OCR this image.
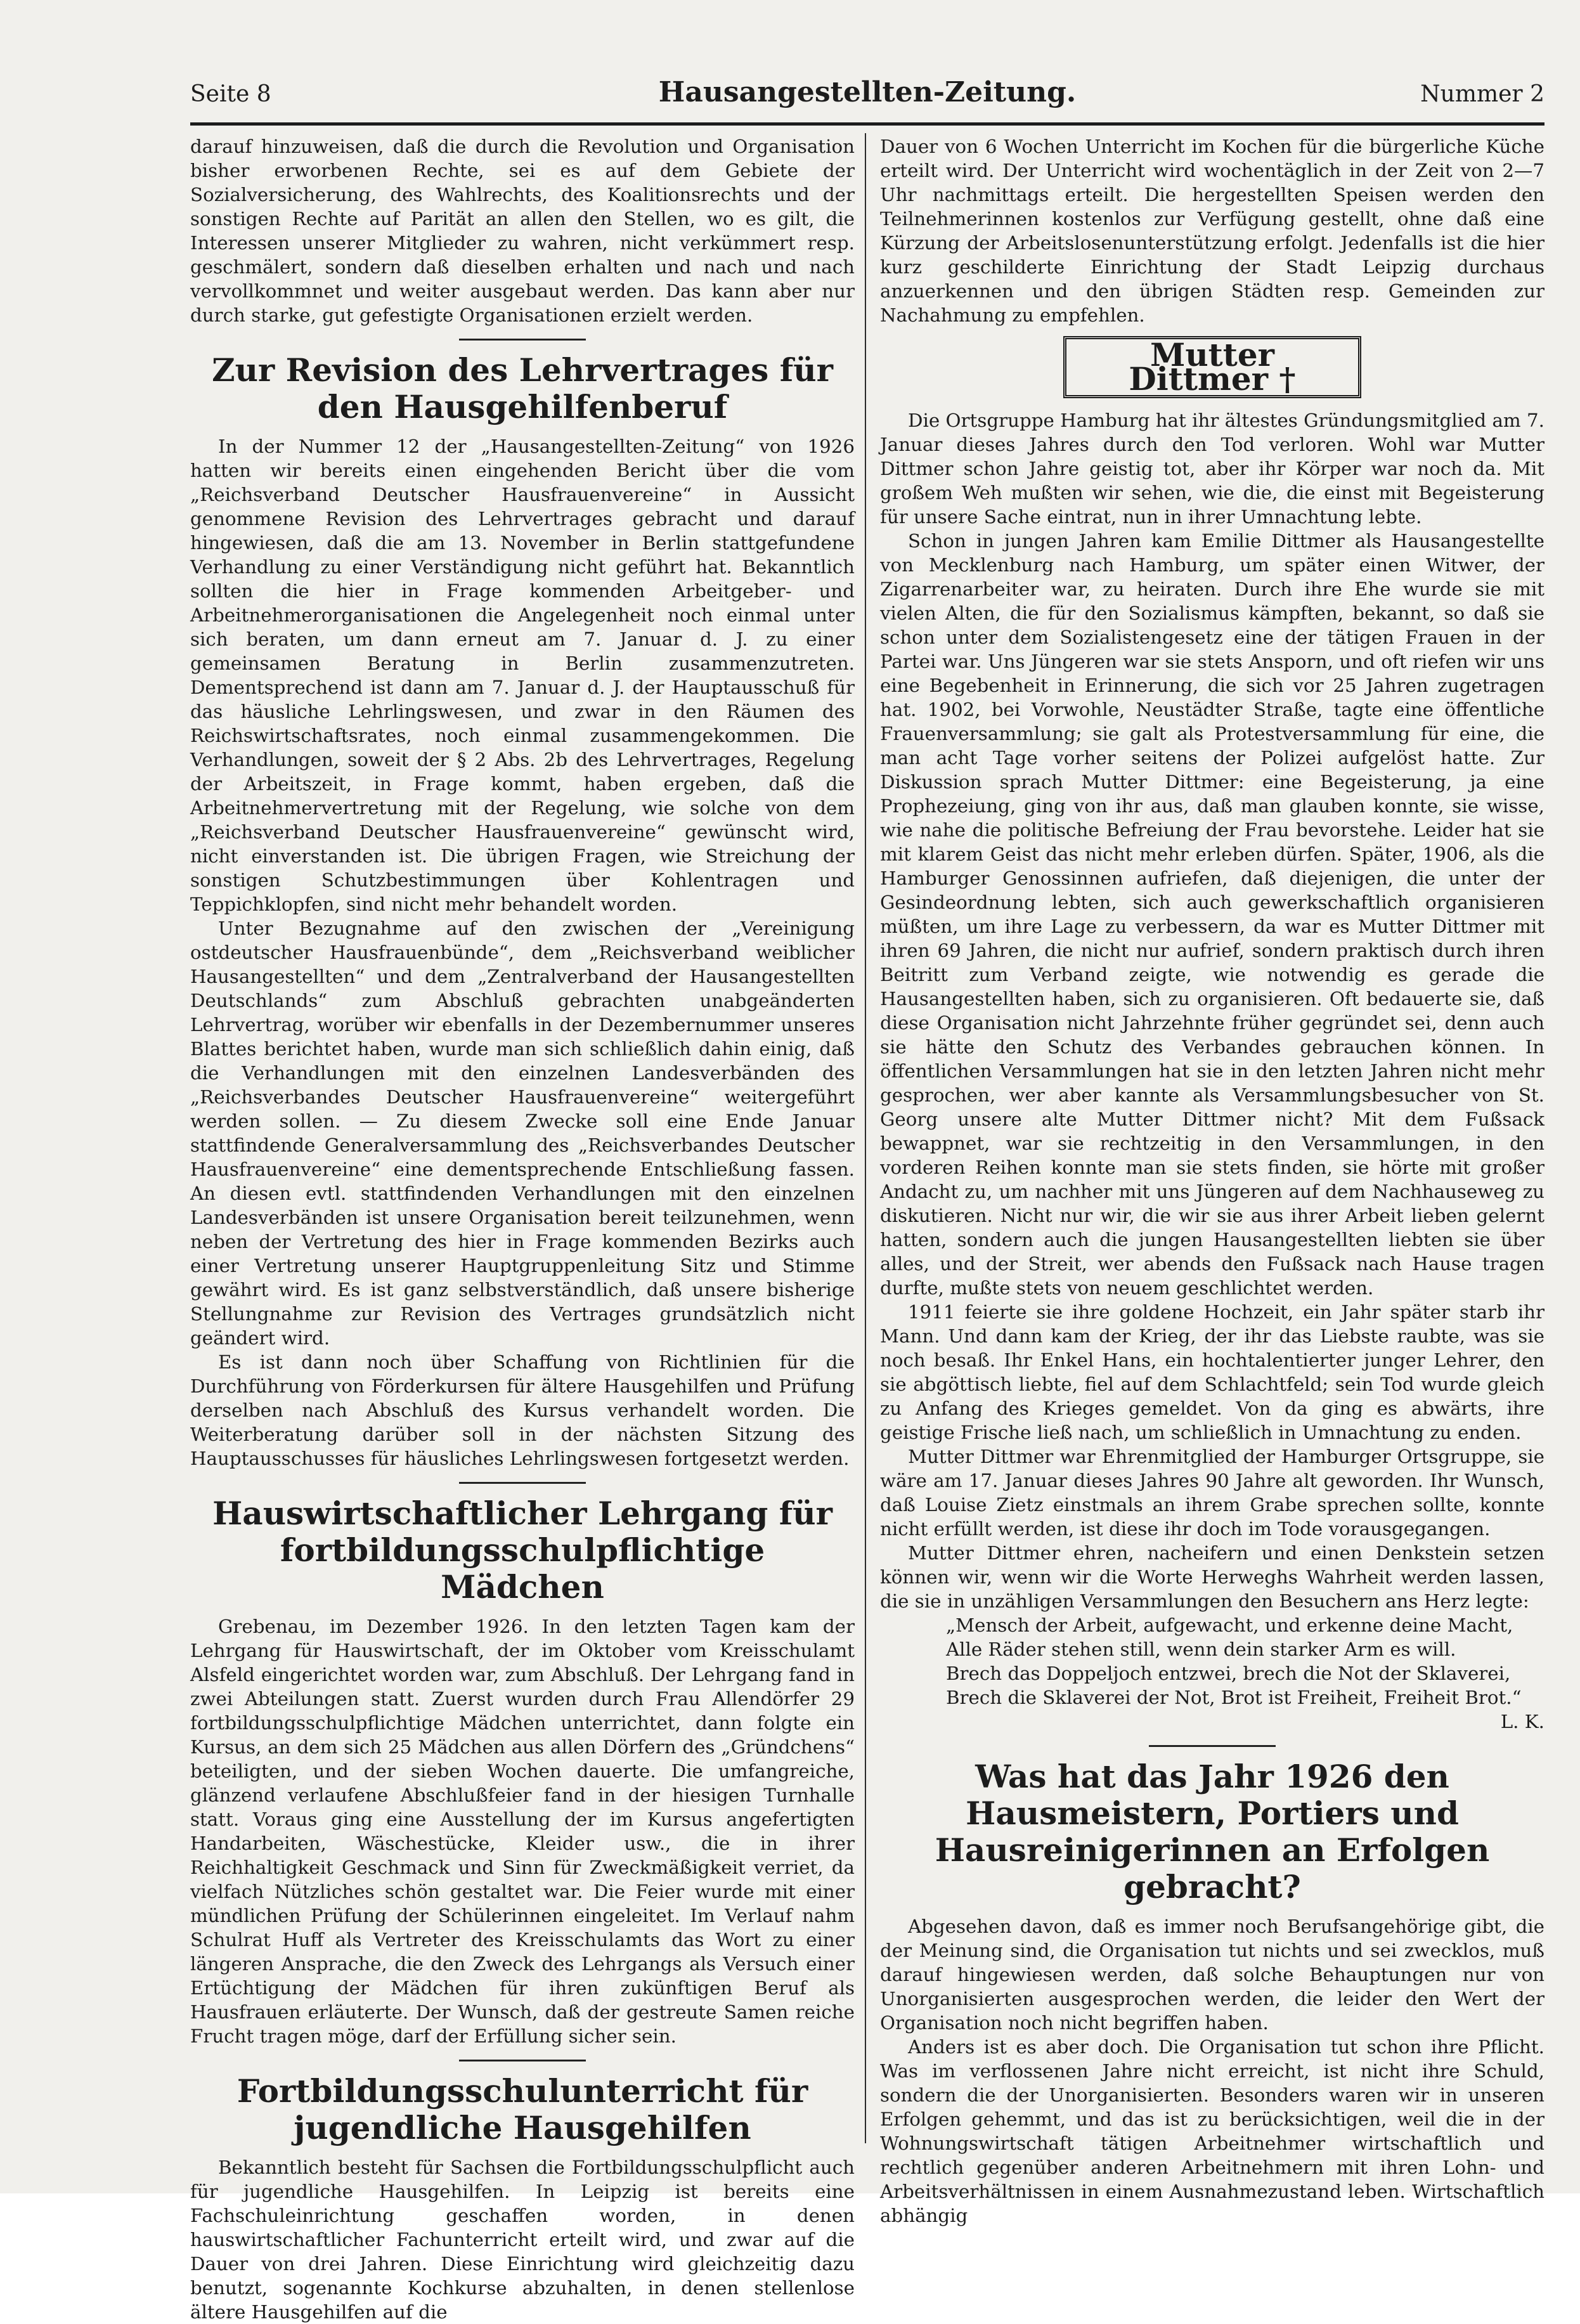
Seite 8	Hausangestellten-Zeitung.	Nummer 2

darauf hinzuweisen, daß die durch die Revolution und Organisation bisher erworbenen Rechte, sei es auf dem Gebiete der Sozialversicherung, des Wahlrechts, des Koalitionsrechts und der sonstigen Rechte auf Parität an allen den Stellen, wo es gilt, die Interessen unserer Mitglieder zu wahren, nicht verkümmert resp. geschmälert, sondern daß dieselben erhalten und nach und nach vervollkommnet und weiter ausgebaut werden. Das kann aber nur durch starke, gut gefestigte Organisationen erzielt werden.

Zur Revision des Lehrvertrages für den Hausgehilfenberuf

In der Nummer 12 der „Hausangestellten-Zeitung“ von 1926 hatten wir bereits einen eingehenden Bericht über die vom „Reichsverband Deutscher Hausfrauenvereine“ in Aussicht genommene Revision des Lehrvertrages gebracht und darauf hingewiesen, daß die am 13. November in Berlin stattgefundene Verhandlung zu einer Verständigung nicht geführt hat. Bekanntlich sollten die hier in Frage kommenden Arbeitgeber- und Arbeitnehmerorganisationen die Angelegenheit noch einmal unter sich beraten, um dann erneut am 7. Januar d. J. zu einer gemeinsamen Beratung in Berlin zusammenzutreten. Dementsprechend ist dann am 7. Januar d. J. der Hauptausschuß für das häusliche Lehrlingswesen, und zwar in den Räumen des Reichswirtschaftsrates, noch einmal zusammengekommen. Die Verhandlungen, soweit der § 2 Abs. 2b des Lehrvertrages, Regelung der Arbeitszeit, in Frage kommt, haben ergeben, daß die Arbeitnehmervertretung mit der Regelung, wie solche von dem „Reichsverband Deutscher Hausfrauenvereine“ gewünscht wird, nicht einverstanden ist. Die übrigen Fragen, wie Streichung der sonstigen Schutzbestimmungen über Kohlentragen und Teppichklopfen, sind nicht mehr behandelt worden.

Unter Bezugnahme auf den zwischen der „Vereinigung ostdeutscher Hausfrauenbünde“, dem „Reichsverband weiblicher Hausangestellten“ und dem „Zentralverband der Hausangestellten Deutschlands“ zum Abschluß gebrachten unabgeänderten Lehrvertrag, worüber wir ebenfalls in der Dezembernummer unseres Blattes berichtet haben, wurde man sich schließlich dahin einig, daß die Verhandlungen mit den einzelnen Landesverbänden des „Reichsverbandes Deutscher Hausfrauenvereine“ weitergeführt werden sollen. — Zu diesem Zwecke soll eine Ende Januar stattfindende Generalversammlung des „Reichsverbandes Deutscher Hausfrauenvereine“ eine dementsprechende Entschließung fassen. An diesen evtl. stattfindenden Verhandlungen mit den einzelnen Landesverbänden ist unsere Organisation bereit teilzunehmen, wenn neben der Vertretung des hier in Frage kommenden Bezirks auch einer Vertretung unserer Hauptgruppenleitung Sitz und Stimme gewährt wird. Es ist ganz selbstverständlich, daß unsere bisherige Stellungnahme zur Revision des Vertrages grundsätzlich nicht geändert wird.

Es ist dann noch über Schaffung von Richtlinien für die Durchführung von Förderkursen für ältere Hausgehilfen und Prüfung derselben nach Abschluß des Kursus verhandelt worden. Die Weiterberatung darüber soll in der nächsten Sitzung des Hauptausschusses für häusliches Lehrlingswesen fortgesetzt werden.

Hauswirtschaftlicher Lehrgang für fortbildungsschulpflichtige Mädchen

Grebenau, im Dezember 1926. In den letzten Tagen kam der Lehrgang für Hauswirtschaft, der im Oktober vom Kreisschulamt Alsfeld eingerichtet worden war, zum Abschluß. Der Lehrgang fand in zwei Abteilungen statt. Zuerst wurden durch Frau Allendörfer 29 fortbildungsschulpflichtige Mädchen unterrichtet, dann folgte ein Kursus, an dem sich 25 Mädchen aus allen Dörfern des „Gründchens“ beteiligten, und der sieben Wochen dauerte. Die umfangreiche, glänzend verlaufene Abschlußfeier fand in der hiesigen Turnhalle statt. Voraus ging eine Ausstellung der im Kursus angefertigten Handarbeiten, Wäschestücke, Kleider usw., die in ihrer Reichhaltigkeit Geschmack und Sinn für Zweckmäßigkeit verriet, da vielfach Nützliches schön gestaltet war. Die Feier wurde mit einer mündlichen Prüfung der Schülerinnen eingeleitet. Im Verlauf nahm Schulrat Huff als Vertreter des Kreisschulamts das Wort zu einer längeren Ansprache, die den Zweck des Lehrgangs als Versuch einer Ertüchtigung der Mädchen für ihren zukünftigen Beruf als Hausfrauen erläuterte. Der Wunsch, daß der gestreute Samen reiche Frucht tragen möge, darf der Erfüllung sicher sein.

Fortbildungsschulunterricht für jugendliche Hausgehilfen

Bekanntlich besteht für Sachsen die Fortbildungsschulpflicht auch für jugendliche Hausgehilfen. In Leipzig ist bereits eine Fachschuleinrichtung geschaffen worden, in denen hauswirtschaftlicher Fachunterricht erteilt wird, und zwar auf die Dauer von drei Jahren. Diese Einrichtung wird gleichzeitig dazu benutzt, sogenannte Kochkurse abzuhalten, in denen stellenlose ältere Hausgehilfen auf die

Dauer von 6 Wochen Unterricht im Kochen für die bürgerliche Küche erteilt wird. Der Unterricht wird wochentäglich in der Zeit von 2—7 Uhr nachmittags erteilt. Die hergestellten Speisen werden den Teilnehmerinnen kostenlos zur Verfügung gestellt, ohne daß eine Kürzung der Arbeitslosenunterstützung erfolgt. Jedenfalls ist die hier kurz geschilderte Einrichtung der Stadt Leipzig durchaus anzuerkennen und den übrigen Städten resp. Gemeinden zur Nachahmung zu empfehlen.

Mutter Dittmer †

Die Ortsgruppe Hamburg hat ihr ältestes Gründungsmitglied am 7. Januar dieses Jahres durch den Tod verloren. Wohl war Mutter Dittmer schon Jahre geistig tot, aber ihr Körper war noch da. Mit großem Weh mußten wir sehen, wie die, die einst mit Begeisterung für unsere Sache eintrat, nun in ihrer Umnachtung lebte.

Schon in jungen Jahren kam Emilie Dittmer als Hausangestellte von Mecklenburg nach Hamburg, um später einen Witwer, der Zigarrenarbeiter war, zu heiraten. Durch ihre Ehe wurde sie mit vielen Alten, die für den Sozialismus kämpften, bekannt, so daß sie schon unter dem Sozialistengesetz eine der tätigen Frauen in der Partei war. Uns Jüngeren war sie stets Ansporn, und oft riefen wir uns eine Begebenheit in Erinnerung, die sich vor 25 Jahren zugetragen hat. 1902, bei Vorwohle, Neustädter Straße, tagte eine öffentliche Frauenversammlung; sie galt als Protestversammlung für eine, die man acht Tage vorher seitens der Polizei aufgelöst hatte. Zur Diskussion sprach Mutter Dittmer: eine Begeisterung, ja eine Prophezeiung, ging von ihr aus, daß man glauben konnte, sie wisse, wie nahe die politische Befreiung der Frau bevorstehe. Leider hat sie mit klarem Geist das nicht mehr erleben dürfen. Später, 1906, als die Hamburger Genossinnen aufriefen, daß diejenigen, die unter der Gesindeordnung lebten, sich auch gewerkschaftlich organisieren müßten, um ihre Lage zu verbessern, da war es Mutter Dittmer mit ihren 69 Jahren, die nicht nur aufrief, sondern praktisch durch ihren Beitritt zum Verband zeigte, wie notwendig es gerade die Hausangestellten haben, sich zu organisieren. Oft bedauerte sie, daß diese Organisation nicht Jahrzehnte früher gegründet sei, denn auch sie hätte den Schutz des Verbandes gebrauchen können. In öffentlichen Versammlungen hat sie in den letzten Jahren nicht mehr gesprochen, wer aber kannte als Versammlungsbesucher von St. Georg unsere alte Mutter Dittmer nicht? Mit dem Fußsack bewappnet, war sie rechtzeitig in den Versammlungen, in den vorderen Reihen konnte man sie stets finden, sie hörte mit großer Andacht zu, um nachher mit uns Jüngeren auf dem Nachhauseweg zu diskutieren. Nicht nur wir, die wir sie aus ihrer Arbeit lieben gelernt hatten, sondern auch die jungen Hausangestellten liebten sie über alles, und der Streit, wer abends den Fußsack nach Hause tragen durfte, mußte stets von neuem geschlichtet werden.

1911 feierte sie ihre goldene Hochzeit, ein Jahr später starb ihr Mann. Und dann kam der Krieg, der ihr das Liebste raubte, was sie noch besaß. Ihr Enkel Hans, ein hochtalentierter junger Lehrer, den sie abgöttisch liebte, fiel auf dem Schlachtfeld; sein Tod wurde gleich zu Anfang des Krieges gemeldet. Von da ging es abwärts, ihre geistige Frische ließ nach, um schließlich in Umnachtung zu enden.

Mutter Dittmer war Ehrenmitglied der Hamburger Ortsgruppe, sie wäre am 17. Januar dieses Jahres 90 Jahre alt geworden. Ihr Wunsch, daß Louise Zietz einstmals an ihrem Grabe sprechen sollte, konnte nicht erfüllt werden, ist diese ihr doch im Tode vorausgegangen.

Mutter Dittmer ehren, nacheifern und einen Denkstein setzen können wir, wenn wir die Worte Herweghs Wahrheit werden lassen, die sie in unzähligen Versammlungen den Besuchern ans Herz legte:

„Mensch der Arbeit, aufgewacht, und erkenne deine Macht,

Alle Räder stehen still, wenn dein starker Arm es will.

Brech das Doppeljoch entzwei, brech die Not der Sklaverei,

Brech die Sklaverei der Not, Brot ist Freiheit, Freiheit Brot.“

L. K.

Was hat das Jahr 1926 den Hausmeistern, Portiers und Hausreinigerinnen an Erfolgen gebracht?

Abgesehen davon, daß es immer noch Berufsangehörige gibt, die der Meinung sind, die Organisation tut nichts und sei zwecklos, muß darauf hingewiesen werden, daß solche Behauptungen nur von Unorganisierten ausgesprochen werden, die leider den Wert der Organisation noch nicht begriffen haben.

Anders ist es aber doch. Die Organisation tut schon ihre Pflicht. Was im verflossenen Jahre nicht erreicht, ist nicht ihre Schuld, sondern die der Unorganisierten. Besonders waren wir in unseren Erfolgen gehemmt, und das ist zu berücksichtigen, weil die in der Wohnungswirtschaft tätigen Arbeitnehmer wirtschaftlich und rechtlich gegenüber anderen Arbeitnehmern mit ihren Lohn- und Arbeitsverhältnissen in einem Ausnahmezustand leben. Wirtschaftlich abhängig
